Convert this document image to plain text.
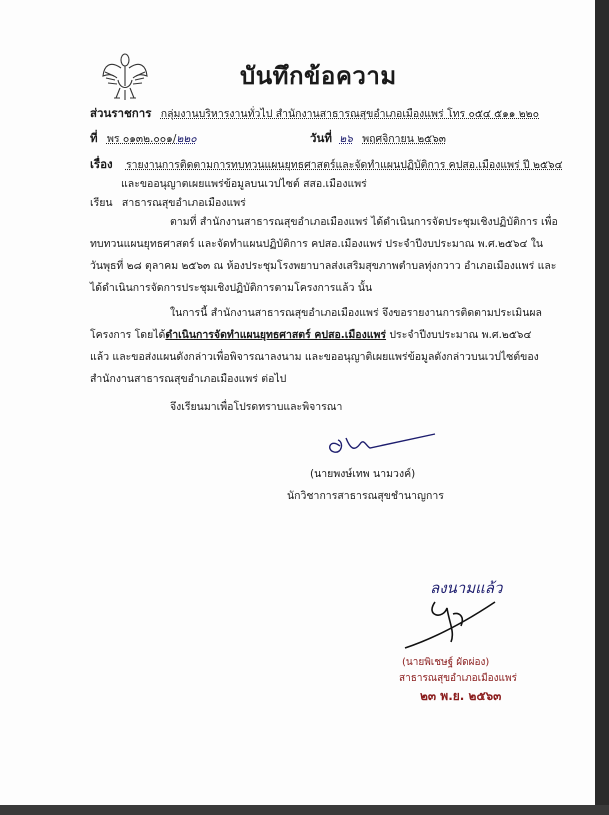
บันทึกข้อความ
ส่วนราชการ กลุ่มงานบริหารงานทั่วไป สำนักงานสาธารณสุขอำเภอเมืองแพร่ โทร ๐๕๔ ๕๑๑ ๒๒๐
ที่ พร ๐๑๓๒.๐๐๑/๒๒๐	วันที่ ๒๖ พฤศจิกายน ๒๕๖๓
เรื่อง รายงานการติดตามการทบทวนแผนยุทธศาสตร์และจัดทำแผนปฏิบัติการ คปสอ.เมืองแพร่ ปี ๒๕๖๔
และขออนุญาตเผยแพร่ข้อมูลบนเวปไซต์ สสอ.เมืองแพร่
เรียน สาธารณสุขอำเภอเมืองแพร่
ตามที่ สำนักงานสาธารณสุขอำเภอเมืองแพร่ ได้ดำเนินการจัดประชุมเชิงปฏิบัติการ เพื่อ
ทบทวนแผนยุทธศาสตร์ และจัดทำแผนปฏิบัติการ คปสอ.เมืองแพร่ ประจำปีงบประมาณ พ.ศ.๒๕๖๔ ใน
วันพุธที่ ๒๘ ตุลาคม ๒๕๖๓ ณ ห้องประชุมโรงพยาบาลส่งเสริมสุขภาพตำบลทุ่งกวาว อำเภอเมืองแพร่ และ
ได้ดำเนินการจัดการประชุมเชิงปฏิบัติการตามโครงการแล้ว นั้น
ในการนี้ สำนักงานสาธารณสุขอำเภอเมืองแพร่ จึงขอรายงานการติดตามประเมินผล
โครงการ โดยได้ดำเนินการจัดทำแผนยุทธศาสตร์ คปสอ.เมืองแพร่ ประจำปีงบประมาณ พ.ศ.๒๕๖๔
แล้ว และขอส่งแผนดังกล่าวเพื่อพิจารณาลงนาม และขออนุญาติเผยแพร่ข้อมูลดังกล่าวบนเวปไซต์ของ
สำนักงานสาธารณสุขอำเภอเมืองแพร่ ต่อไป
จึงเรียนมาเพื่อโปรดทราบและพิจารณา
(นายพงษ์เทพ นามวงค์)
นักวิชาการสาธารณสุขชำนาญการ
ลงนามแล้ว
(นายพิเชษฐ์ ผัดผ่อง)
สาธารณสุขอำเภอเมืองแพร่
๒๓ พ.ย. ๒๕๖๓
